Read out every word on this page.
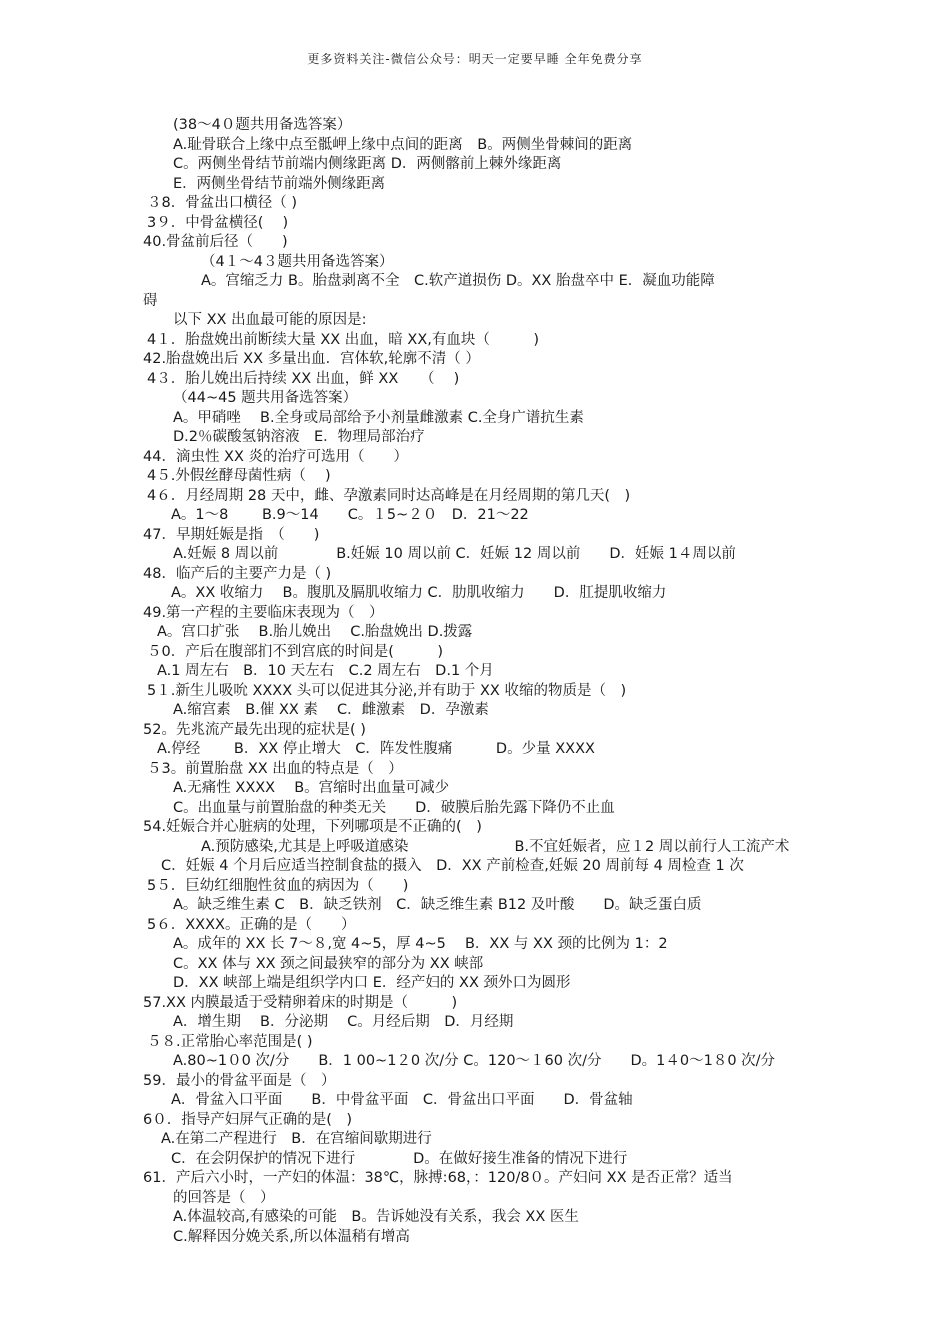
更多资料关注-微信公众号：明天一定要早睡 全年免费分享
(38～4０题共用备选答案）
A.耻骨联合上缘中点至骶岬上缘中点间的距离　B。两侧坐骨棘间的距离
C。两侧坐骨结节前端内侧缘距离 D．两侧髂前上棘外缘距离
E．两侧坐骨结节前端外侧缘距离
３8．骨盆出口横径（ )
3９．中骨盆横径(　 )
40.骨盆前后径（　　)
（4１～4３题共用备选答案）
A。宫缩乏力 B。胎盘剥离不全　C.软产道损伤 D。XX 胎盘卒中 E．凝血功能障
碍
以下 XX 出血最可能的原因是:
4１．胎盘娩出前断续大量 XX 出血，暗 XX,有血块（　　　)
42.胎盘娩出后 XX 多量出血．宫体软,轮廓不清（ ）
4３．胎儿娩出后持续 XX 出血，鲜 XX　　（　 )
（44~45 题共用备选答案）
A。甲硝唑　 B.全身或局部给予小剂量雌激素 C.全身广谱抗生素
D.2％碳酸氢钠溶液　E．物理局部治疗
44．滴虫性 XX 炎的治疗可选用（　　）
4５.外假丝酵母菌性病（　 )
4６．月经周期 28 天中，雌、孕激素同时达高峰是在月经周期的第几天(　)
A。1～8　　 B.9～14　　C。１5~２０　D．21～22
47．早期妊娠是指　（　　)
A.妊娠 8 周以前　　　　B.妊娠 10 周以前 C．妊娠 12 周以前　　D．妊娠 1４周以前
48．临产后的主要产力是（ )
A。XX 收缩力　 B。腹肌及膈肌收缩力 C．肋肌收缩力　　D．肛提肌收缩力
49.第一产程的主要临床表现为（　）
A。宫口扩张　 B.胎儿娩出　 C.胎盘娩出 D.拨露
５0．产后在腹部扪不到宫底的时间是(　　　)
A.1 周左右　B．10 天左右　C.2 周左右　D.1 个月
5１.新生儿吸吮 XXXX 头可以促进其分泌,并有助于 XX 收缩的物质是（　)
A.缩宫素　B.催 XX 素　 C．雌激素　D．孕激素
52。先兆流产最先出现的症状是( )
A.停经　　 B．XX 停止增大　C．阵发性腹痛　　　D。少量 XXXX
５3。前置胎盘 XX 出血的特点是（　）
A.无痛性 XXXX　 B。宫缩时出血量可减少
C。出血量与前置胎盘的种类无关　　D．破膜后胎先露下降仍不止血
54.妊娠合并心脏病的处理，下列哪项是不正确的(　)
A.预防感染,尤其是上呼吸道感染　　　　　　　 B.不宜妊娠者，应１2 周以前行人工流产术
C．妊娠 4 个月后应适当控制食盐的摄入　D．XX 产前检查,妊娠 20 周前每 4 周检查 1 次
5５．巨幼红细胞性贫血的病因为（　　)
A。缺乏维生素 C　B．缺乏铁剂　C．缺乏维生素 B12 及叶酸　　D。缺乏蛋白质
5６．XXXX。正确的是（　　）
A。成年的 XX 长 7～８,宽 4~5，厚 4~5　 B．XX 与 XX 颈的比例为 1：2
C。XX 体与 XX 颈之间最狭窄的部分为 XX 峡部
D．XX 峡部上端是组织学内口 E．经产妇的 XX 颈外口为圆形
57.XX 内膜最适于受精卵着床的时期是（　　　)
A．增生期　 B．分泌期　 C。月经后期　D．月经期
５８.正常胎心率范围是( )
A.80~1０0 次/分　　B．1 00~1２0 次/分 C。120～１60 次/分　　D。1４0～1８0 次/分
59．最小的骨盆平面是（　）
A．骨盆入口平面　　B．中骨盆平面　C．骨盆出口平面　　D．骨盆轴
6０．指导产妇屏气正确的是(　)
A.在第二产程进行　B．在宫缩间歇期进行
C．在会阴保护的情况下进行　　　　D。在做好接生准备的情况下进行
61．产后六小时，一产妇的体温：38℃，脉搏:68，：120/8０。产妇问 XX 是否正常？适当
的回答是（　）
A.体温较高,有感染的可能　B。告诉她没有关系，我会 XX 医生
C.解释因分娩关系,所以体温稍有增高
